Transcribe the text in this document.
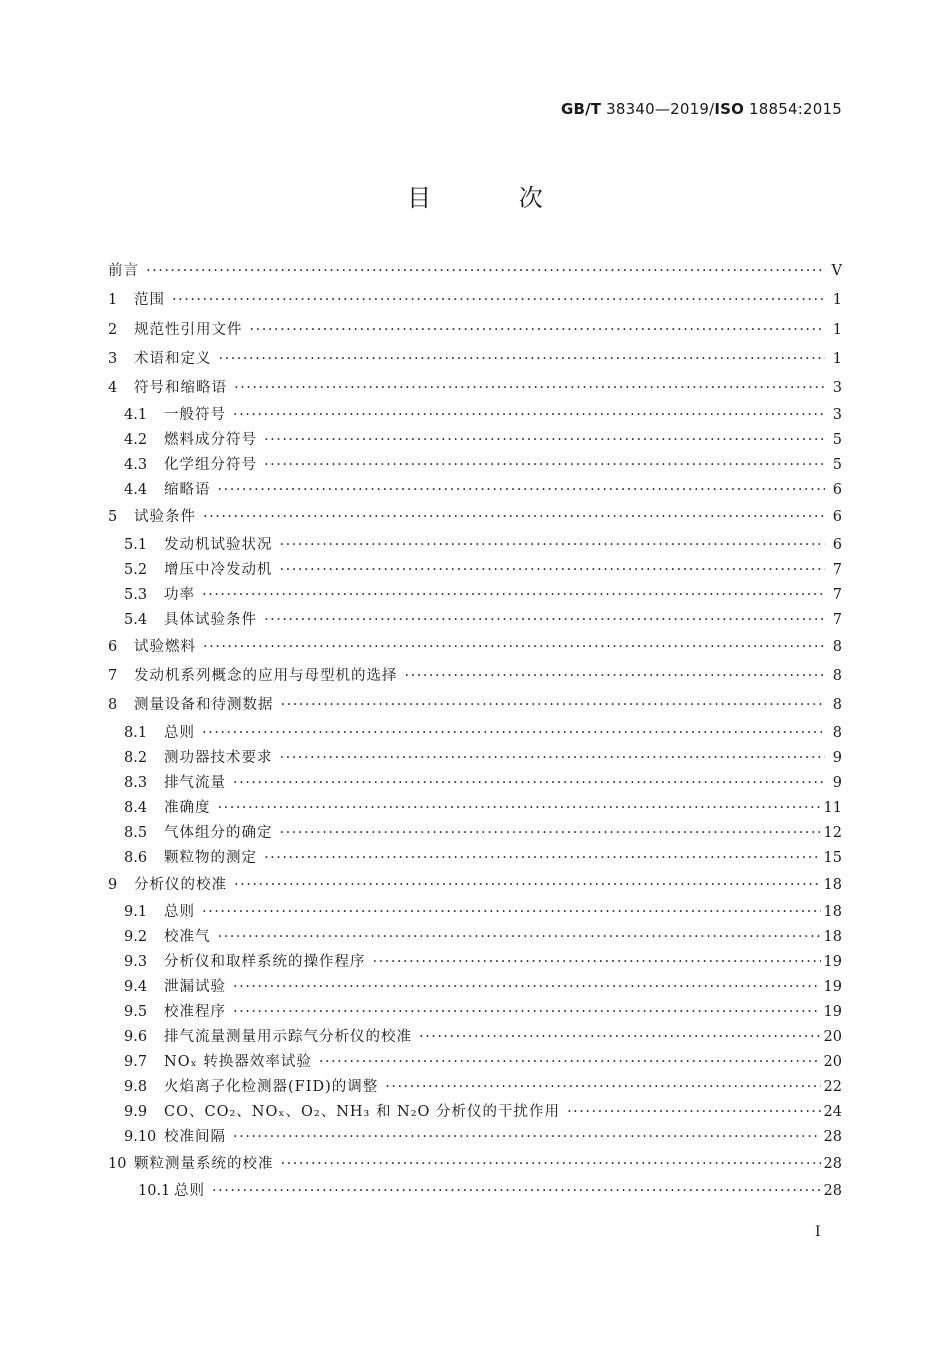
GB/T 38340—2019/ISO 18854:2015
目 次
前言 ·····	V
1	范围 ·····	1
2	规范性引用文件 ·····	1
3	术语和定义 ·····	1
4	符号和缩略语 ·····	3
4.1	一般符号 ·····	3
4.2	燃料成分符号 ·····	5
4.3	化学组分符号 ·····	5
4.4	缩略语 ·····	6
5	试验条件 ·····	6
5.1	发动机试验状况 ·····	6
5.2	增压中冷发动机 ·····	7
5.3	功率 ·····	7
5.4	具体试验条件 ·····	7
6	试验燃料 ·····	8
7	发动机系列概念的应用与母型机的选择 ·····	8
8	测量设备和待测数据 ·····	8
8.1	总则 ·····	8
8.2	测功器技术要求 ·····	9
8.3	排气流量 ·····	9
8.4	准确度 ·····	11
8.5	气体组分的确定 ·····	12
8.6	颗粒物的测定 ·····	15
9	分析仪的校准 ·····	18
9.1	总则 ·····	18
9.2	校准气 ·····	18
9.3	分析仪和取样系统的操作程序 ·····	19
9.4	泄漏试验 ·····	19
9.5	校准程序 ·····	19
9.6	排气流量测量用示踪气分析仪的校准 ·····	20
9.7	NOₓ 转换器效率试验 ·····	20
9.8	火焰离子化检测器(FID)的调整 ·····	22
9.9	CO、CO₂、NOₓ、O₂、NH₃ 和 N₂O 分析仪的干扰作用 ·····	24
9.10 校准间隔 ·····	28
10 颗粒测量系统的校准 ·····	28
10.1 总则 ·····	28
I
